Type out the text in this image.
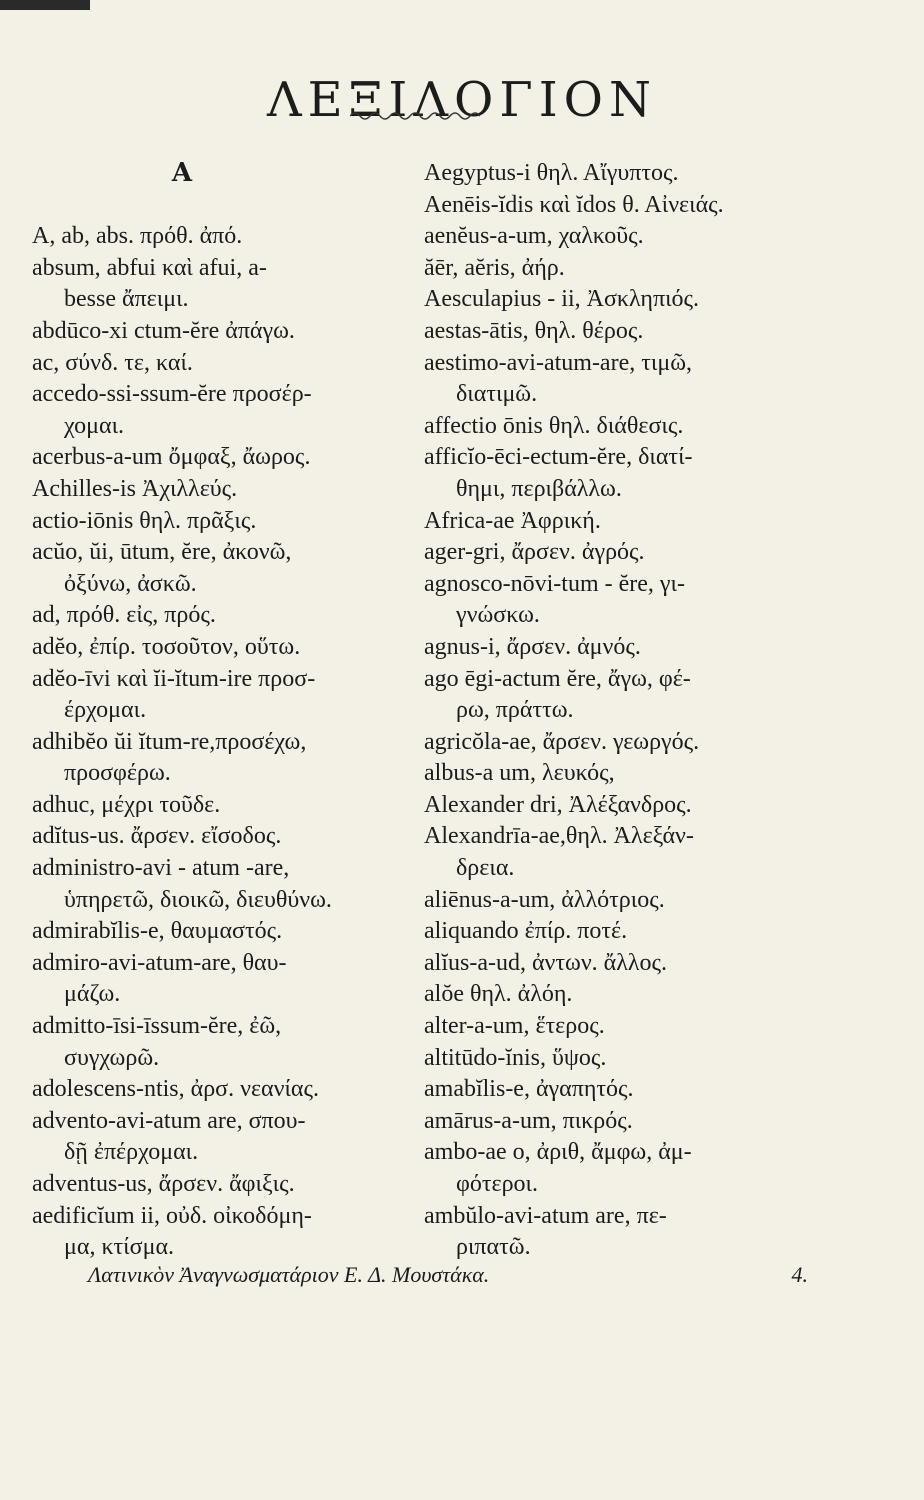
ΛΕΞΙΛΟΓΙΟΝ
A
A, ab, abs. πρόθ. ἀπό.
absum, abfui καὶ afui, a-
besse ἄπειμι.
abdūco-xi ctum-ĕre ἀπάγω.
ac, σύνδ. τε, καί.
accedo-ssi-ssum-ĕre προσέρ-
χομαι.
acerbus-a-um ὄμφαξ, ἄωρος.
Achilles-is Ἀχιλλεύς.
actio-iōnis θηλ. πρᾶξις.
acŭo, ŭi, ūtum, ĕre, ἀκονῶ,
ὀξύνω, ἀσκῶ.
ad, πρόθ. εἰς, πρός.
adĕo, ἐπίρ. τοσοῦτον, οὕτω.
adĕo-īvi καὶ ĭi-ĭtum-ire προσ-
έρχομαι.
adhibĕo ŭi ĭtum-re,προσέχω,
προσφέρω.
adhuc, μέχρι τοῦδε.
adĭtus-us. ἄρσεν. εἴσοδος.
administro-avi - atum -are,
ὑπηρετῶ, διοικῶ, διευθύνω.
admirabĭlis-e, θαυμαστός.
admiro-avi-atum-are, θαυ-
μάζω.
admitto-īsi-īssum-ĕre, ἐῶ,
συγχωρῶ.
adolescens-ntis, ἀρσ. νεανίας.
advento-avi-atum are, σπου-
δῇ ἐπέρχομαι.
adventus-us, ἄρσεν. ἄφιξις.
aedificĭum ii, οὐδ. οἰκοδόμη-
μα, κτίσμα.
Aegyptus-i θηλ. Αἴγυπτος.
Aenēis-ĭdis καὶ ĭdos θ. Αἰνειάς.
aenĕus-a-um, χαλκοῦς.
ăēr, aĕris, ἀήρ.
Aesculapius - ii, Ἀσκληπιός.
aestas-ātis, θηλ. θέρος.
aestimo-avi-atum-are, τιμῶ,
διατιμῶ.
affectio ōnis θηλ. διάθεσις.
afficĭo-ēci-ectum-ĕre, διατί-
θημι, περιβάλλω.
Africa-ae Ἀφρική.
ager-gri, ἄρσεν. ἀγρός.
agnosco-nōvi-tum - ĕre, γι-
γνώσκω.
agnus-i, ἄρσεν. ἀμνός.
ago ēgi-actum ĕre, ἄγω, φέ-
ρω, πράττω.
agricŏla-ae, ἄρσεν. γεωργός.
albus-a um, λευκός,
Alexander dri, Ἀλέξανδρος.
Alexandrīa-ae,θηλ. Ἀλεξάν-
δρεια.
aliēnus-a-um, ἀλλότριος.
aliquando ἐπίρ. ποτέ.
alĭus-a-ud, ἀντων. ἄλλος.
alŏe θηλ. ἀλόη.
alter-a-um, ἕτερος.
altitūdo-ĭnis, ὕψος.
amabĭlis-e, ἀγαπητός.
amārus-a-um, πικρός.
ambo-ae o, ἀριθ, ἄμφω, ἀμ-
φότεροι.
ambŭlo-avi-atum are, πε-
ριπατῶ.
Λατινικὸν Ἀναγνωσματάριον Ε. Δ. Μουστάκα.	4.
